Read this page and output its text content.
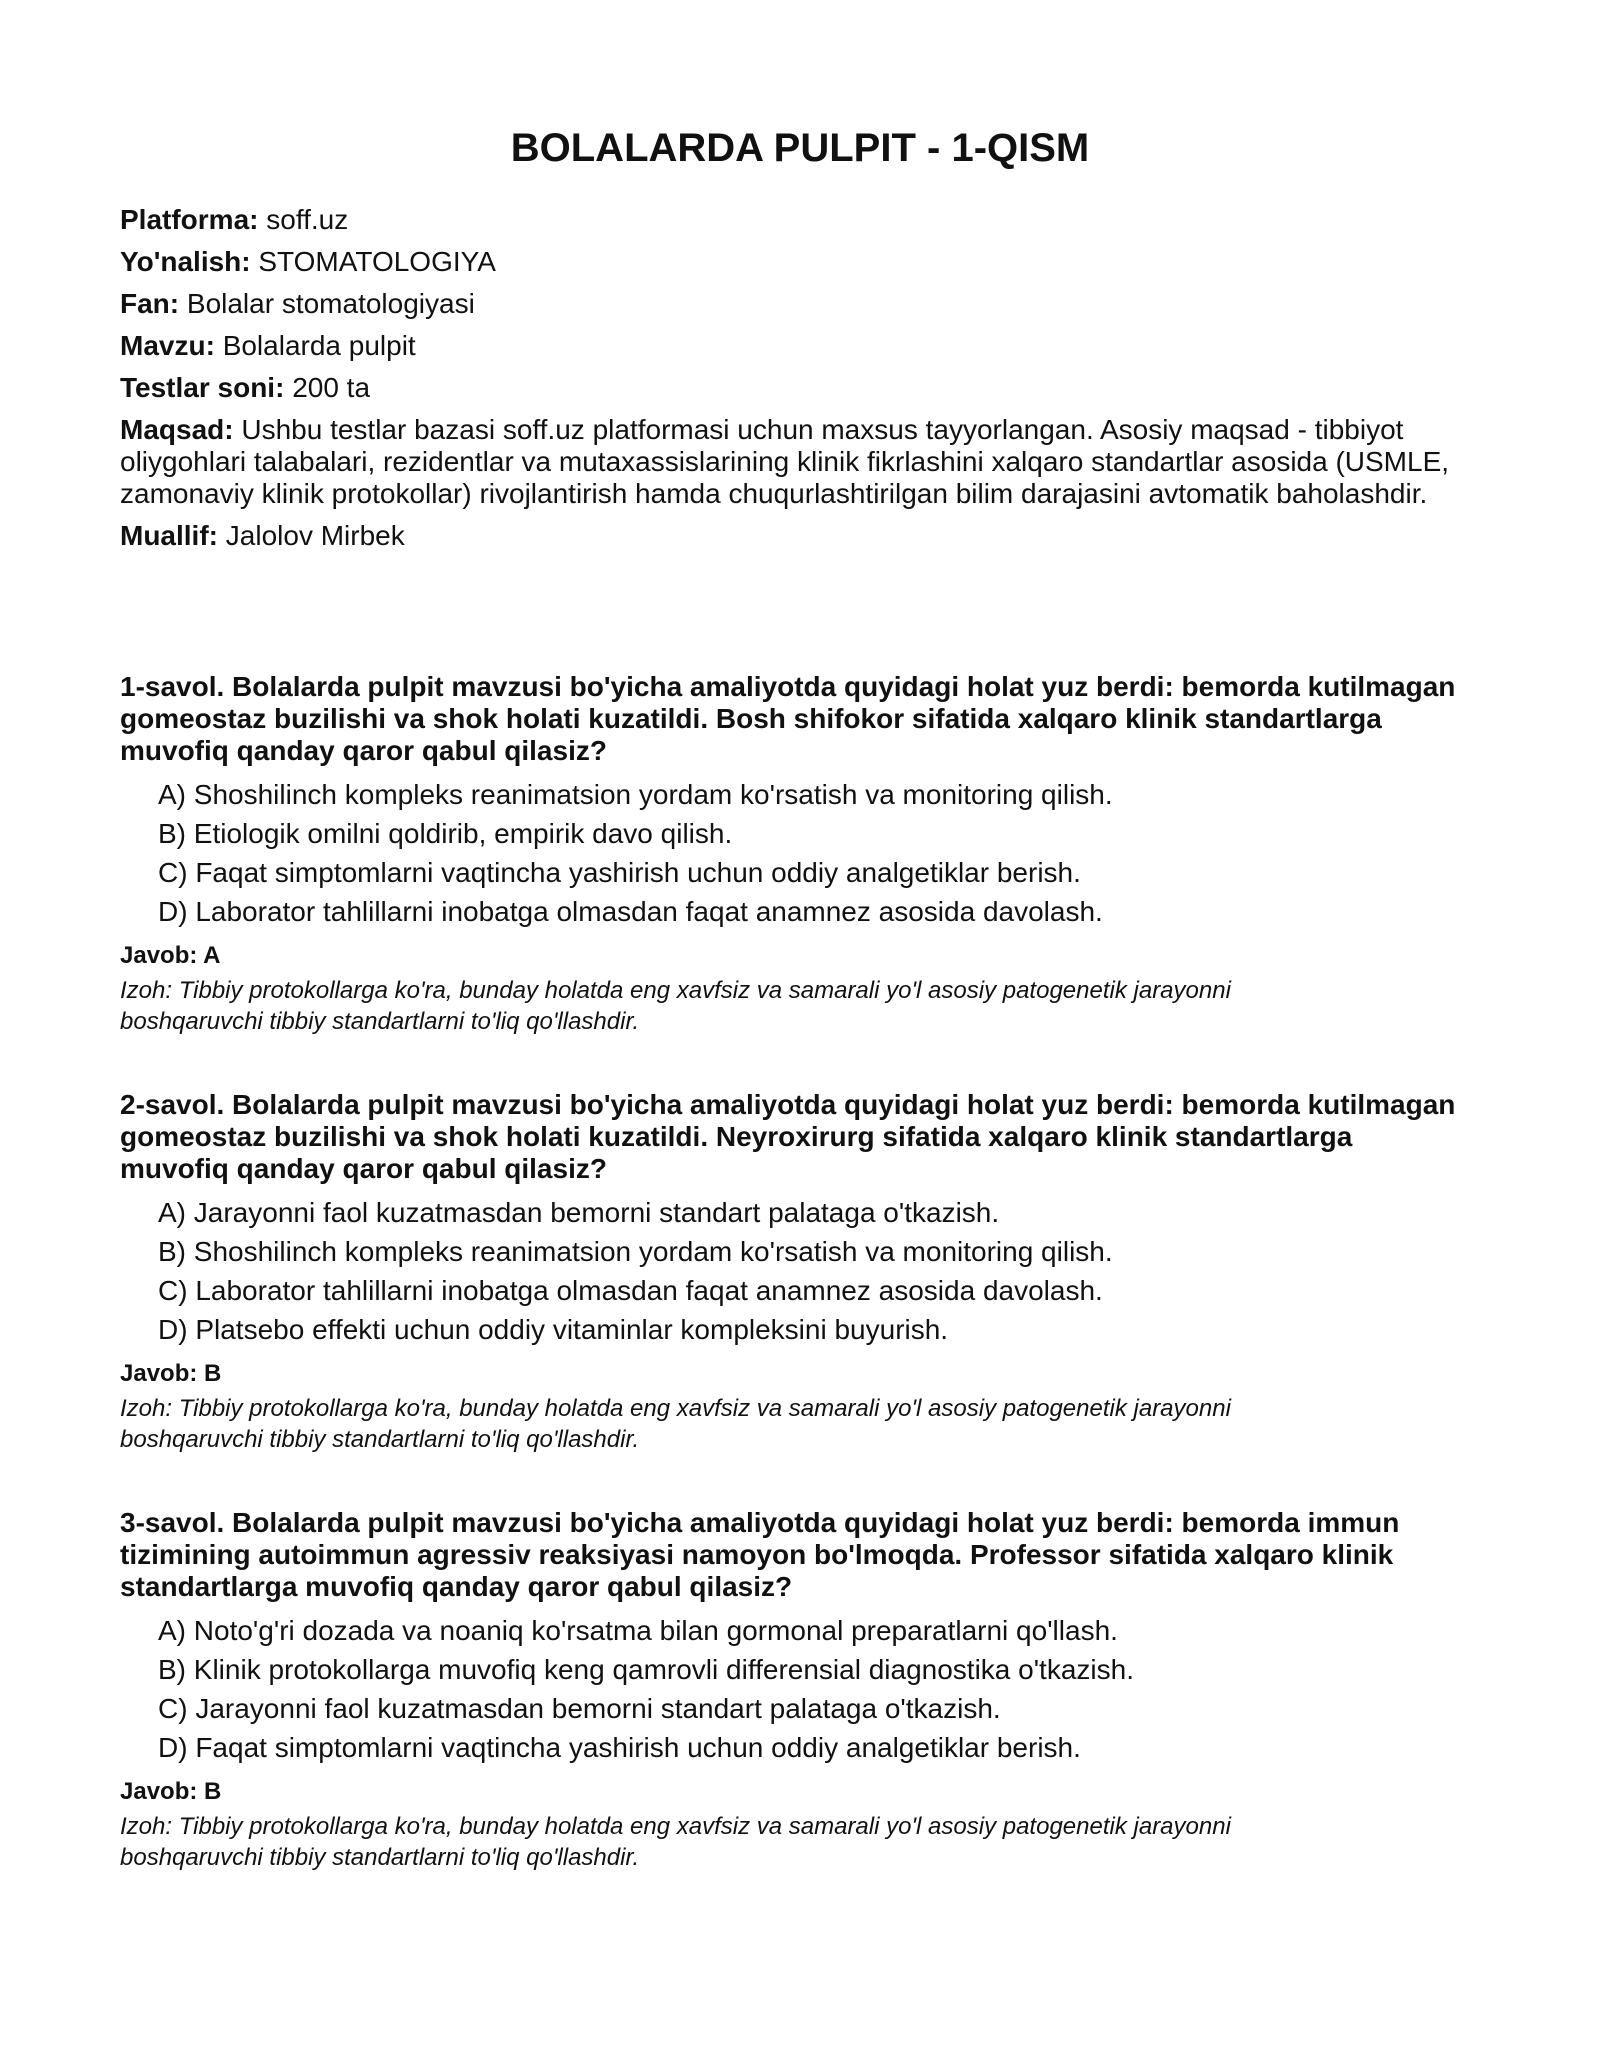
BOLALARDA PULPIT - 1-QISM

Platforma: soff.uz

Yo'nalish: STOMATOLOGIYA

Fan: Bolalar stomatologiyasi

Mavzu: Bolalarda pulpit

Testlar soni: 200 ta

Maqsad: Ushbu testlar bazasi soff.uz platformasi uchun maxsus tayyorlangan. Asosiy maqsad - tibbiyot oliygohlari talabalari, rezidentlar va mutaxassislarining klinik fikrlashini xalqaro standartlar asosida (USMLE, zamonaviy klinik protokollar) rivojlantirish hamda chuqurlashtirilgan bilim darajasini avtomatik baholashdir.

Muallif: Jalolov Mirbek

1-savol. Bolalarda pulpit mavzusi bo'yicha amaliyotda quyidagi holat yuz berdi: bemorda kutilmagan gomeostaz buzilishi va shok holati kuzatildi. Bosh shifokor sifatida xalqaro klinik standartlarga muvofiq qanday qaror qabul qilasiz?

A) Shoshilinch kompleks reanimatsion yordam ko'rsatish va monitoring qilish.
B) Etiologik omilni qoldirib, empirik davo qilish.
C) Faqat simptomlarni vaqtincha yashirish uchun oddiy analgetiklar berish.
D) Laborator tahlillarni inobatga olmasdan faqat anamnez asosida davolash.

Javob: A

Izoh: Tibbiy protokollarga ko'ra, bunday holatda eng xavfsiz va samarali yo'l asosiy patogenetik jarayonni boshqaruvchi tibbiy standartlarni to'liq qo'llashdir.

2-savol. Bolalarda pulpit mavzusi bo'yicha amaliyotda quyidagi holat yuz berdi: bemorda kutilmagan gomeostaz buzilishi va shok holati kuzatildi. Neyroxirurg sifatida xalqaro klinik standartlarga muvofiq qanday qaror qabul qilasiz?

A) Jarayonni faol kuzatmasdan bemorni standart palataga o'tkazish.
B) Shoshilinch kompleks reanimatsion yordam ko'rsatish va monitoring qilish.
C) Laborator tahlillarni inobatga olmasdan faqat anamnez asosida davolash.
D) Platsebo effekti uchun oddiy vitaminlar kompleksini buyurish.

Javob: B

Izoh: Tibbiy protokollarga ko'ra, bunday holatda eng xavfsiz va samarali yo'l asosiy patogenetik jarayonni boshqaruvchi tibbiy standartlarni to'liq qo'llashdir.

3-savol. Bolalarda pulpit mavzusi bo'yicha amaliyotda quyidagi holat yuz berdi: bemorda immun tizimining autoimmun agressiv reaksiyasi namoyon bo'lmoqda. Professor sifatida xalqaro klinik standartlarga muvofiq qanday qaror qabul qilasiz?

A) Noto'g'ri dozada va noaniq ko'rsatma bilan gormonal preparatlarni qo'llash.
B) Klinik protokollarga muvofiq keng qamrovli differensial diagnostika o'tkazish.
C) Jarayonni faol kuzatmasdan bemorni standart palataga o'tkazish.
D) Faqat simptomlarni vaqtincha yashirish uchun oddiy analgetiklar berish.

Javob: B

Izoh: Tibbiy protokollarga ko'ra, bunday holatda eng xavfsiz va samarali yo'l asosiy patogenetik jarayonni boshqaruvchi tibbiy standartlarni to'liq qo'llashdir.
